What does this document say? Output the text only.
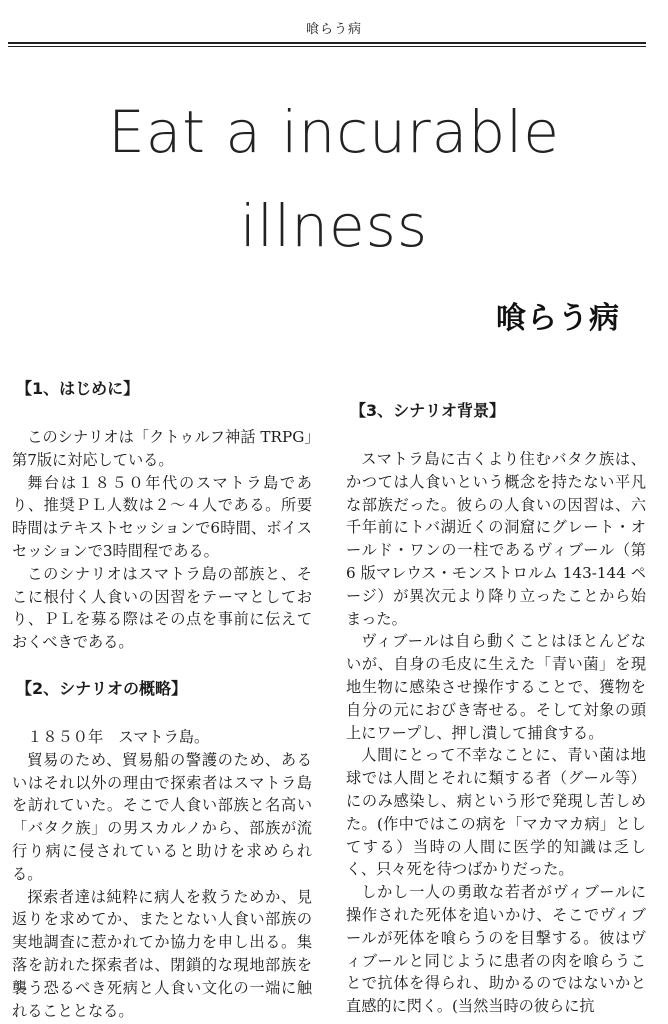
喰らう病
Eat a incurable
illness
喰らう病
【1、はじめに】

このシナリオは「クトゥルフ神話 TRPG」第7版に対応している。

舞台は１８５０年代のスマトラ島であり、推奨ＰＬ人数は２～４人である。所要時間はテキストセッションで6時間、ボイスセッションで3時間程である。

このシナリオはスマトラ島の部族と、そこに根付く人食いの因習をテーマとしており、ＰＬを募る際はその点を事前に伝えておくべきである。

【2、シナリオの概略】

１８５０年　スマトラ島。

貿易のため、貿易船の警護のため、あるいはそれ以外の理由で探索者はスマトラ島を訪れていた。そこで人食い部族と名高い「バタク族」の男スカルノから、部族が流行り病に侵されていると助けを求められる。

探索者達は純粋に病人を救うためか、見返りを求めてか、またとない人食い部族の実地調査に惹かれてか協力を申し出る。集落を訪れた探索者は、閉鎖的な現地部族を襲う恐るべき死病と人食い文化の一端に触れることとなる。

【3、シナリオ背景】

スマトラ島に古くより住むバタク族は、かつては人食いという概念を持たない平凡な部族だった。彼らの人食いの因習は、六千年前にトバ湖近くの洞窟にグレート・オールド・ワンの一柱であるヴィブール（第 6 版マレウス・モンストロルム 143-144 ページ）が異次元より降り立ったことから始まった。

ヴィブールは自ら動くことはほとんどないが、自身の毛皮に生えた「青い菌」を現地生物に感染させ操作することで、獲物を自分の元におびき寄せる。そして対象の頭上にワープし、押し潰して捕食する。

人間にとって不幸なことに、青い菌は地球では人間とそれに類する者（グール等）にのみ感染し、病という形で発現し苦しめた。(作中ではこの病を「マカマカ病」としてする）当時の人間に医学的知識は乏しく、只々死を待つばかりだった。

しかし一人の勇敢な若者がヴィブールに操作された死体を追いかけ、そこでヴィブールが死体を喰らうのを目撃する。彼はヴィブールと同じように患者の肉を喰らうことで抗体を得られ、助かるのではないかと直感的に閃く。(当然当時の彼らに抗
